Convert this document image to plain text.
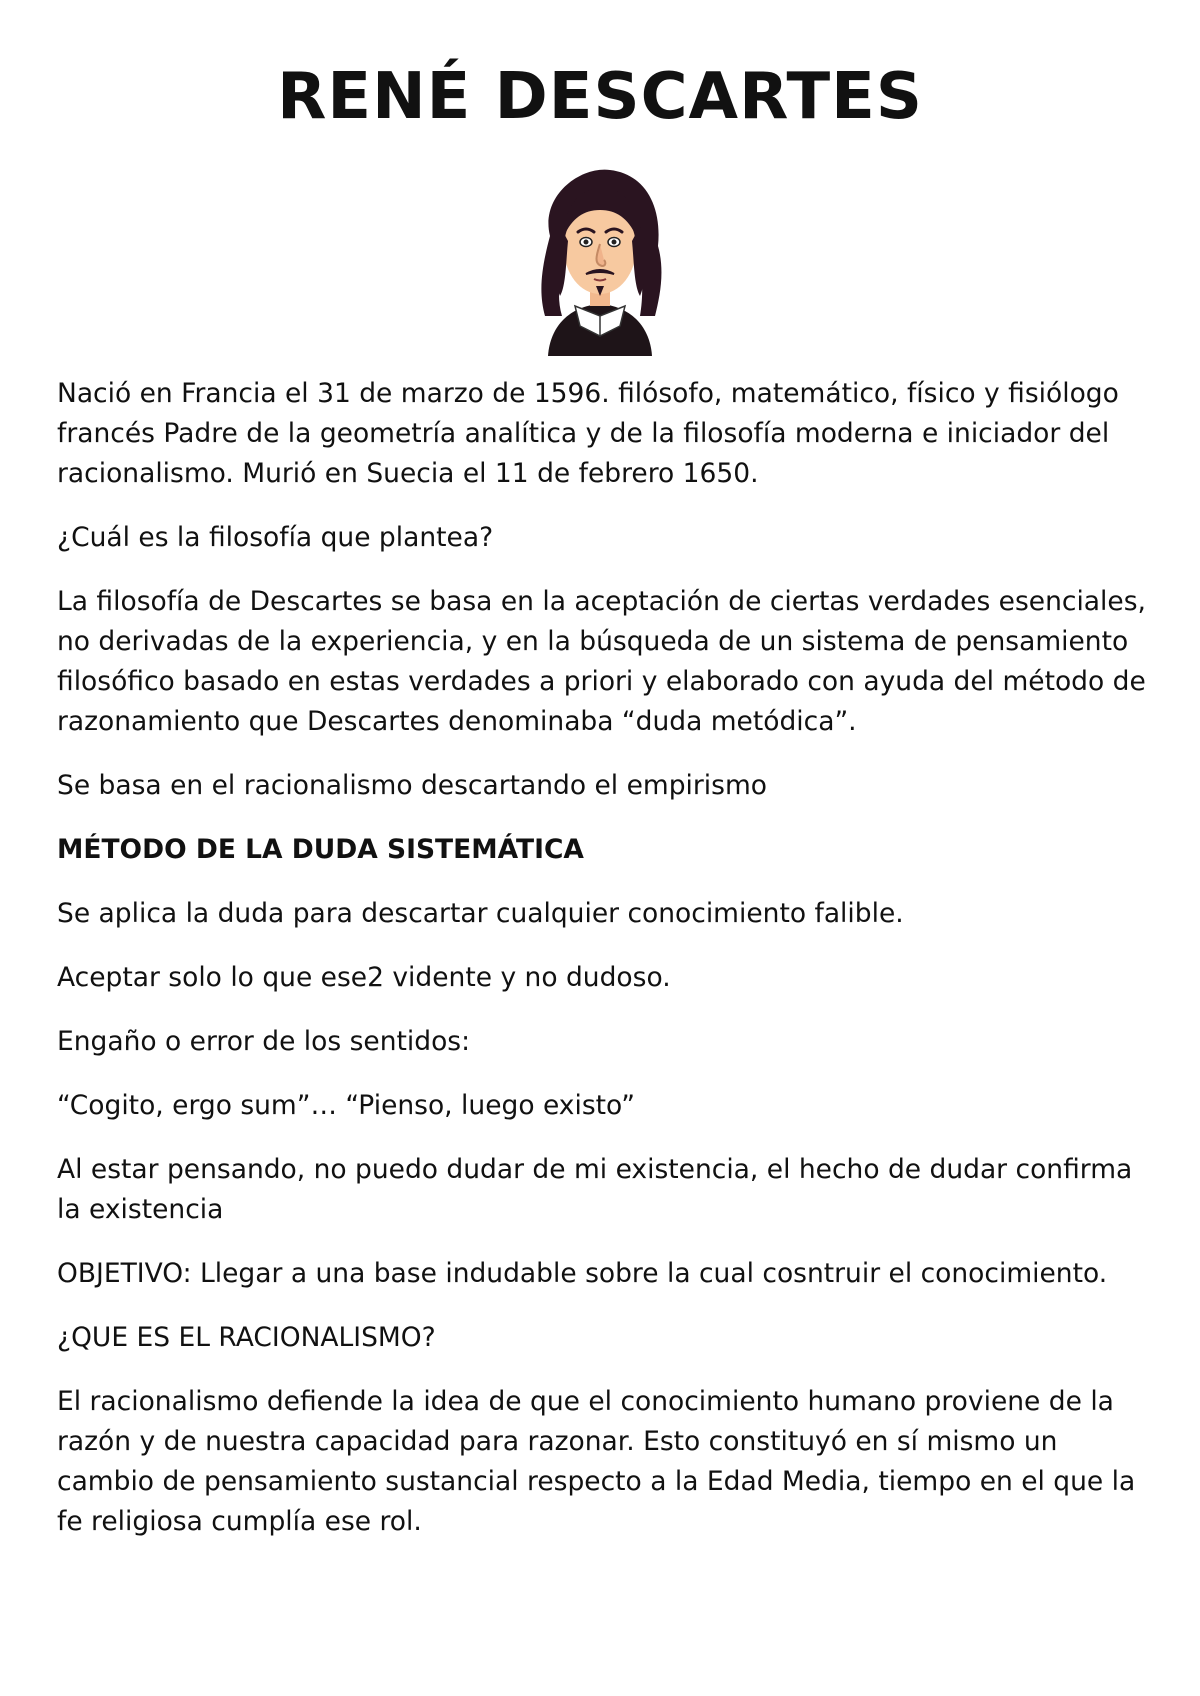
RENÉ DESCARTES

Nació en Francia el 31 de marzo de 1596. filósofo, matemático, físico y fisiólogo francés Padre de la geometría analítica y de la filosofía moderna e iniciador del racionalismo. Murió en Suecia el 11 de febrero 1650.

¿Cuál es la filosofía que plantea?

La filosofía de Descartes se basa en la aceptación de ciertas verdades esenciales, no derivadas de la experiencia, y en la búsqueda de un sistema de pensamiento filosófico basado en estas verdades a priori y elaborado con ayuda del método de razonamiento que Descartes denominaba “duda metódica”.

Se basa en el racionalismo descartando el empirismo

MÉTODO DE LA DUDA SISTEMÁTICA

Se aplica la duda para descartar cualquier conocimiento falible.

Aceptar solo lo que ese2 vidente y no dudoso.

Engaño o error de los sentidos:

“Cogito, ergo sum”… “Pienso, luego existo”

Al estar pensando, no puedo dudar de mi existencia, el hecho de dudar confirma la existencia

OBJETIVO: Llegar a una base indudable sobre la cual cosntruir el conocimiento.

¿QUE ES EL RACIONALISMO?

El racionalismo defiende la idea de que el conocimiento humano proviene de la razón y de nuestra capacidad para razonar. Esto constituyó en sí mismo un cambio de pensamiento sustancial respecto a la Edad Media, tiempo en el que la fe religiosa cumplía ese rol.
